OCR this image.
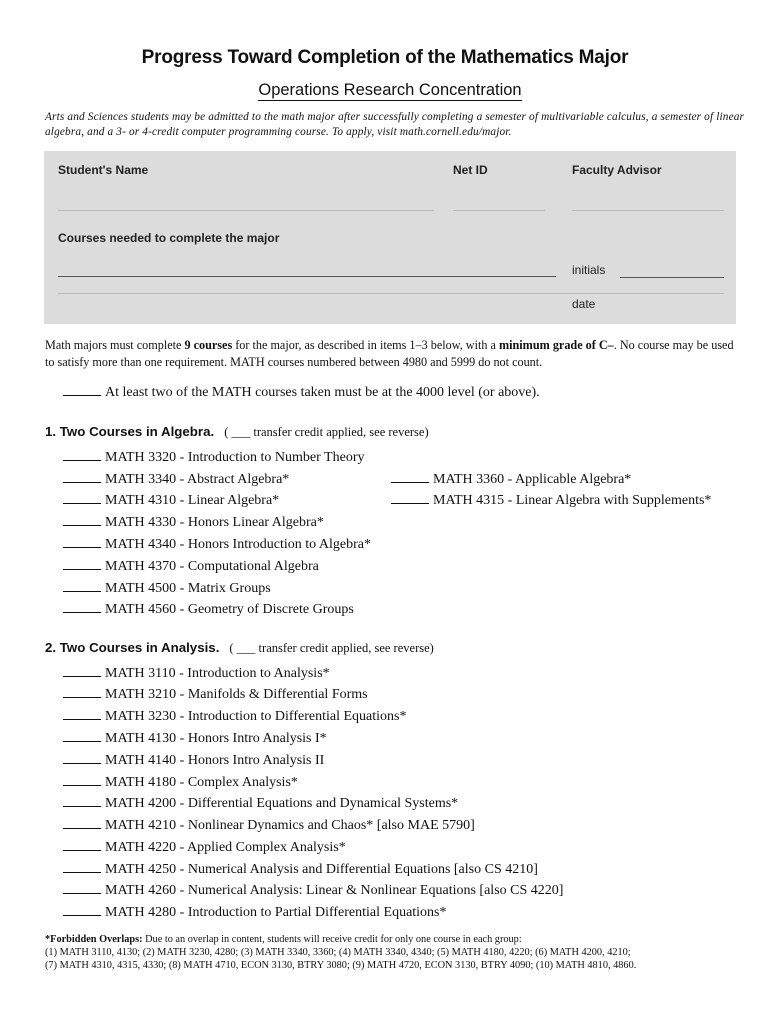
Progress Toward Completion of the Mathematics Major
Operations Research Concentration
Arts and Sciences students may be admitted to the math major after successfully completing a semester of multivariable calculus, a semester of linear algebra, and a 3- or 4-credit computer programming course. To apply, visit math.cornell.edu/major.
Student's Name	Net ID	Faculty Advisor
Courses needed to complete the major
initials
date
Math majors must complete 9 courses for the major, as described in items 1–3 below, with a minimum grade of C–. No course may be used to satisfy more than one requirement. MATH courses numbered between 4980 and 5999 do not count.
At least two of the MATH courses taken must be at the 4000 level (or above).
1. Two Courses in Algebra. ( ___ transfer credit applied, see reverse)
MATH 3320 - Introduction to Number Theory
MATH 3340 - Abstract Algebra*
MATH 4310 - Linear Algebra*
MATH 4330 - Honors Linear Algebra*
MATH 4340 - Honors Introduction to Algebra*
MATH 4370 - Computational Algebra
MATH 4500 - Matrix Groups
MATH 4560 - Geometry of Discrete Groups
MATH 3360 - Applicable Algebra*
MATH 4315 - Linear Algebra with Supplements*
2. Two Courses in Analysis. ( ___ transfer credit applied, see reverse)
MATH 3110 - Introduction to Analysis*
MATH 3210 - Manifolds & Differential Forms
MATH 3230 - Introduction to Differential Equations*
MATH 4130 - Honors Intro Analysis I*
MATH 4140 - Honors Intro Analysis II
MATH 4180 - Complex Analysis*
MATH 4200 - Differential Equations and Dynamical Systems*
MATH 4210 - Nonlinear Dynamics and Chaos* [also MAE 5790]
MATH 4220 - Applied Complex Analysis*
MATH 4250 - Numerical Analysis and Differential Equations [also CS 4210]
MATH 4260 - Numerical Analysis: Linear & Nonlinear Equations [also CS 4220]
MATH 4280 - Introduction to Partial Differential Equations*
*Forbidden Overlaps: Due to an overlap in content, students will receive credit for only one course in each group:
(1) MATH 3110, 4130; (2) MATH 3230, 4280; (3) MATH 3340, 3360; (4) MATH 3340, 4340; (5) MATH 4180, 4220; (6) MATH 4200, 4210;
(7) MATH 4310, 4315, 4330; (8) MATH 4710, ECON 3130, BTRY 3080; (9) MATH 4720, ECON 3130, BTRY 4090; (10) MATH 4810, 4860.
